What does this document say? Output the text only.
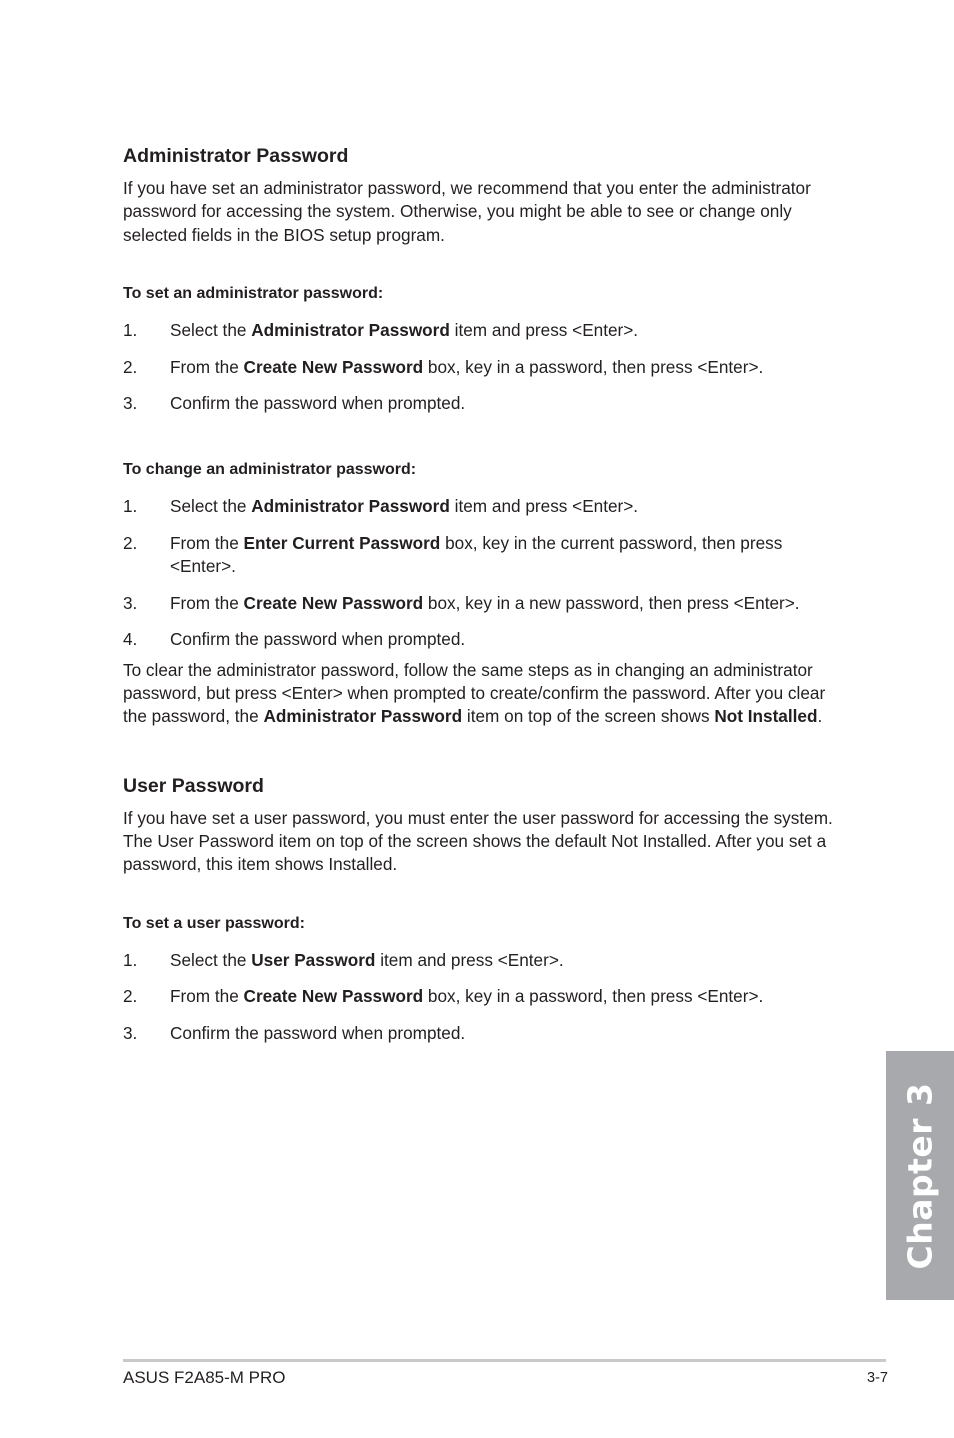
Administrator Password

If you have set an administrator password, we recommend that you enter the administrator password for accessing the system. Otherwise, you might be able to see or change only selected fields in the BIOS setup program.

To set an administrator password:

1.	Select the Administrator Password item and press <Enter>.
2.	From the Create New Password box, key in a password, then press <Enter>.
3.	Confirm the password when prompted.

To change an administrator password:

1.	Select the Administrator Password item and press <Enter>.
2.	From the Enter Current Password box, key in the current password, then press <Enter>.
3.	From the Create New Password box, key in a new password, then press <Enter>.
4.	Confirm the password when prompted.

To clear the administrator password, follow the same steps as in changing an administrator password, but press <Enter> when prompted to create/confirm the password. After you clear the password, the Administrator Password item on top of the screen shows Not Installed.

User Password

If you have set a user password, you must enter the user password for accessing the system. The User Password item on top of the screen shows the default Not Installed. After you set a password, this item shows Installed.

To set a user password:

1.	Select the User Password item and press <Enter>.
2.	From the Create New Password box, key in a password, then press <Enter>.
3.	Confirm the password when prompted.
Chapter 3
ASUS F2A85-M PRO	3-7
